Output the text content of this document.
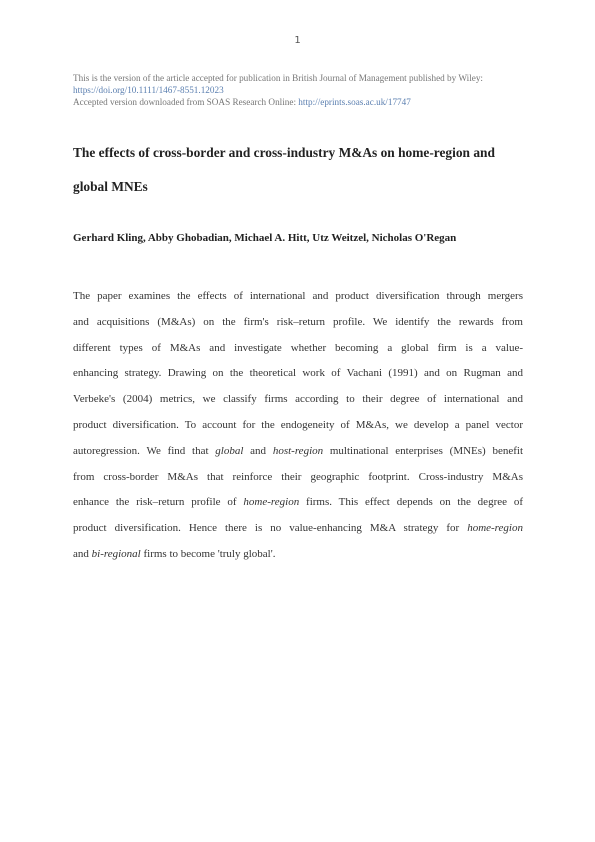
1
This is the version of the article accepted for publication in British Journal of Management published by Wiley:
https://doi.org/10.1111/1467-8551.12023
Accepted version downloaded from SOAS Research Online: http://eprints.soas.ac.uk/17747
The effects of cross-border and cross-industry M&As on home-region and global MNEs
Gerhard Kling, Abby Ghobadian, Michael A. Hitt, Utz Weitzel, Nicholas O'Regan
The paper examines the effects of international and product diversification through mergers
and acquisitions (M&As) on the firm's risk–return profile. We identify the rewards from
different types of M&As and investigate whether becoming a global firm is a value-
enhancing strategy. Drawing on the theoretical work of Vachani (1991) and on Rugman and
Verbeke's (2004) metrics, we classify firms according to their degree of international and
product diversification. To account for the endogeneity of M&As, we develop a panel vector
autoregression. We find that global and host-region multinational enterprises (MNEs) benefit
from cross-border M&As that reinforce their geographic footprint. Cross-industry M&As
enhance the risk–return profile of home-region firms. This effect depends on the degree of
product diversification. Hence there is no value-enhancing M&A strategy for home-region
and bi-regional firms to become 'truly global'.
